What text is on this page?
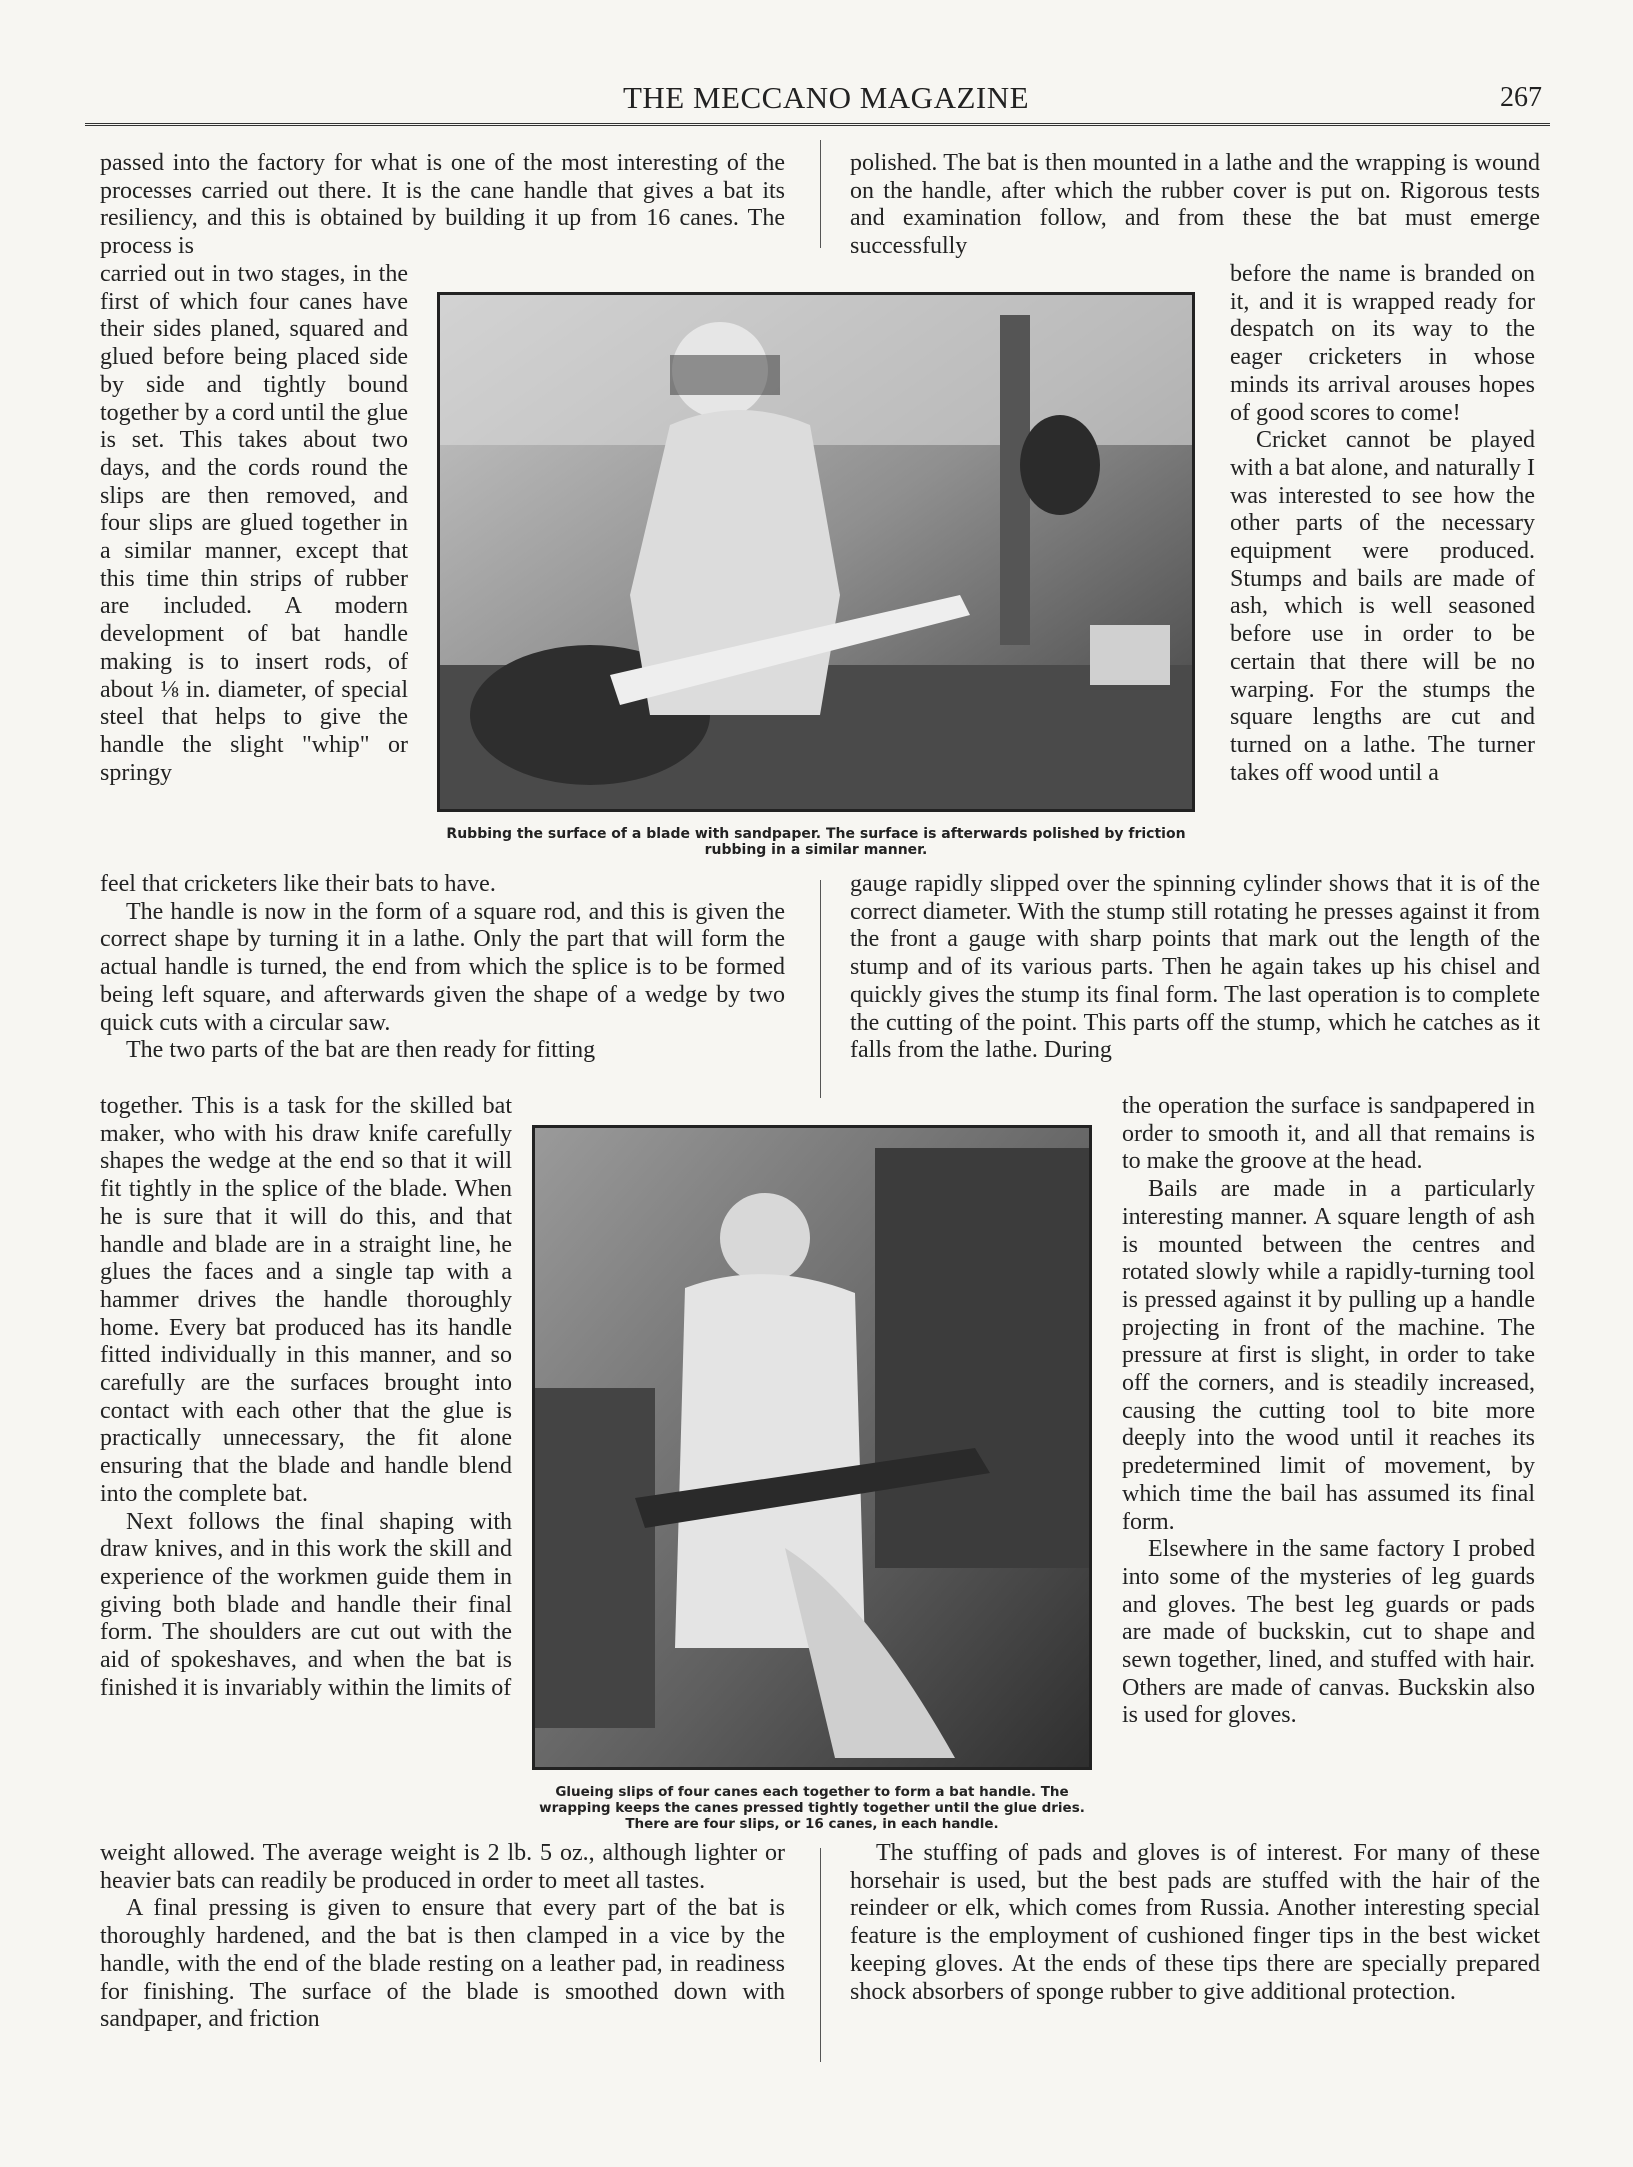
THE MECCANO MAGAZINE	267

passed into the factory for what is one of the most interesting of the processes carried out there. It is the cane handle that gives a bat its resiliency, and this is obtained by building it up from 16 canes. The process is

carried out in two stages, in the first of which four canes have their sides planed, squared and glued before being placed side by side and tightly bound together by a cord until the glue is set. This takes about two days, and the cords round the slips are then removed, and four slips are glued together in a similar manner, except that this time thin strips of rubber are included. A modern development of bat handle making is to insert rods, of about ⅛ in. diameter, of special steel that helps to give the handle the slight "whip" or springy

feel that cricketers like their bats to have.

The handle is now in the form of a square rod, and this is given the correct shape by turning it in a lathe. Only the part that will form the actual handle is turned, the end from which the splice is to be formed being left square, and afterwards given the shape of a wedge by two quick cuts with a circular saw.

The two parts of the bat are then ready for fitting

together. This is a task for the skilled bat maker, who with his draw knife carefully shapes the wedge at the end so that it will fit tightly in the splice of the blade. When he is sure that it will do this, and that handle and blade are in a straight line, he glues the faces and a single tap with a hammer drives the handle thoroughly home. Every bat produced has its handle fitted individually in this manner, and so carefully are the surfaces brought into contact with each other that the glue is practically unnecessary, the fit alone ensuring that the blade and handle blend into the complete bat.

Next follows the final shaping with draw knives, and in this work the skill and experience of the workmen guide them in giving both blade and handle their final form. The shoulders are cut out with the aid of spokeshaves, and when the bat is finished it is invariably within the limits of

weight allowed. The average weight is 2 lb. 5 oz., although lighter or heavier bats can readily be produced in order to meet all tastes.

A final pressing is given to ensure that every part of the bat is thoroughly hardened, and the bat is then clamped in a vice by the handle, with the end of the blade resting on a leather pad, in readiness for finishing. The surface of the blade is smoothed down with sandpaper, and friction

polished. The bat is then mounted in a lathe and the wrapping is wound on the handle, after which the rubber cover is put on. Rigorous tests and examination follow, and from these the bat must emerge successfully

before the name is branded on it, and it is wrapped ready for despatch on its way to the eager cricketers in whose minds its arrival arouses hopes of good scores to come!

Cricket cannot be played with a bat alone, and naturally I was interested to see how the other parts of the necessary equipment were produced. Stumps and bails are made of ash, which is well seasoned before use in order to be certain that there will be no warping. For the stumps the square lengths are cut and turned on a lathe. The turner takes off wood until a

gauge rapidly slipped over the spinning cylinder shows that it is of the correct diameter. With the stump still rotating he presses against it from the front a gauge with sharp points that mark out the length of the stump and of its various parts. Then he again takes up his chisel and quickly gives the stump its final form. The last operation is to complete the cutting of the point. This parts off the stump, which he catches as it falls from the lathe. During

the operation the surface is sandpapered in order to smooth it, and all that remains is to make the groove at the head.

Bails are made in a particularly interesting manner. A square length of ash is mounted between the centres and rotated slowly while a rapidly-turning tool is pressed against it by pulling up a handle projecting in front of the machine. The pressure at first is slight, in order to take off the corners, and is steadily increased, causing the cutting tool to bite more deeply into the wood until it reaches its predetermined limit of movement, by which time the bail has assumed its final form.

Elsewhere in the same factory I probed into some of the mysteries of leg guards and gloves. The best leg guards or pads are made of buckskin, cut to shape and sewn together, lined, and stuffed with hair. Others are made of canvas. Buckskin also is used for gloves.

The stuffing of pads and gloves is of interest. For many of these horsehair is used, but the best pads are stuffed with the hair of the reindeer or elk, which comes from Russia. Another interesting special feature is the employment of cushioned finger tips in the best wicket keeping gloves. At the ends of these tips there are specially prepared shock absorbers of sponge rubber to give additional protection.

Rubbing the surface of a blade with sandpaper. The surface is afterwards polished by friction rubbing in a similar manner.
Glueing slips of four canes each together to form a bat handle. The wrapping keeps the canes pressed tightly together until the glue dries. There are four slips, or 16 canes, in each handle.
